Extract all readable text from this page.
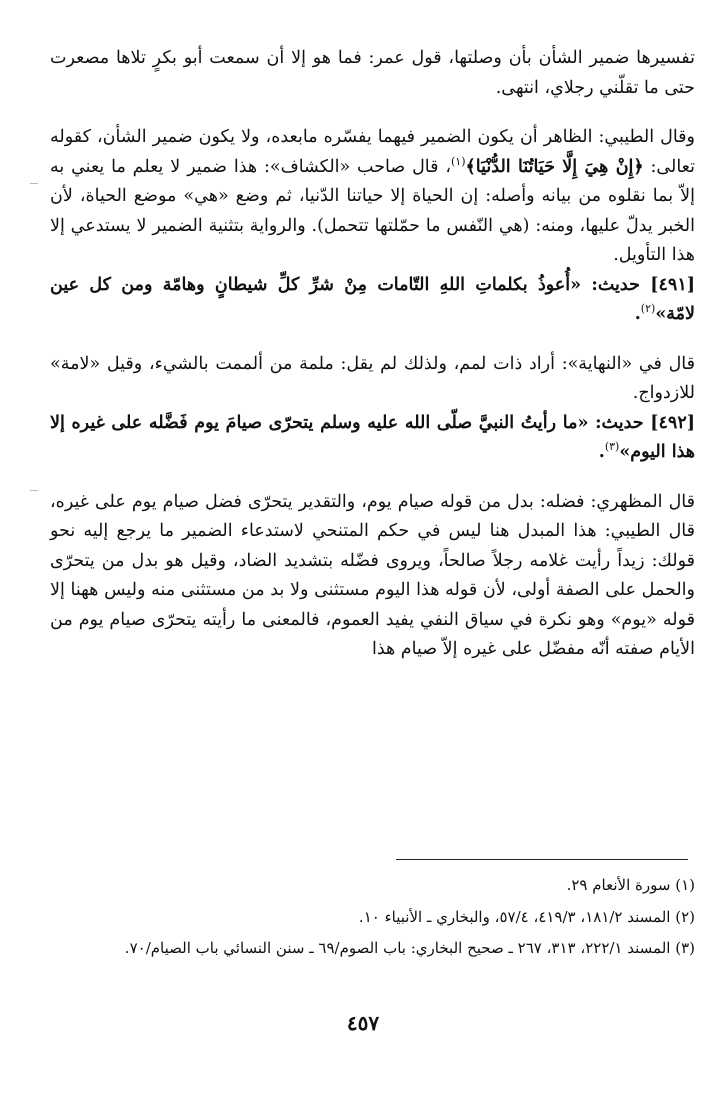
تفسيرها ضمير الشأن بأن وصلتها، قول عمر: فما هو إلا أن سمعت أبو بكرٍ تلاها مصعرت حتى ما تقلّني رجلاي، انتهى.

وقال الطيبي: الظاهر أن يكون الضمير فيهما يفسّره مابعده، ولا يكون ضمير الشأن، كقوله تعالى: ﴿إِنْ هِيَ إِلَّا حَيَاتُنَا الدُّنْيَا﴾$^{(١)}$، قال صاحب «الكشاف»: هذا ضمير لا يعلم ما يعني به إلاّ بما نقلوه من بيانه وأصله: إن الحياة إلا حياتنا الدّنيا، ثم وضع «هي» موضع الحياة، لأن الخبر يدلّ عليها، ومنه: (هي النّفس ما حمّلتها تتحمل). والرواية بتثنية الضمير لا يستدعي إلا هذا التأويل.

[٤٩١] حديث: «أُعوذُ بكلماتِ اللهِ التّامات مِنْ شرِّ كلِّ شيطانٍ وهامّة ومن كل عين لامّة»$^{(٢)}$.

قال في «النهاية»: أراد ذات لمم، ولذلك لم يقل: ملمة من ألممت بالشيء، وقيل «لامة» للازدواج.

[٤٩٢] حديث: «ما رأيتُ النبيَّ صلّى الله عليه وسلم يتحرّى صيامَ يوم فَضَّله على غيره إلا هذا اليوم»$^{(٣)}$.

قال المظهري: فضله: بدل من قوله صيام يوم، والتقدير يتحرّى فضل صيام يوم على غيره، قال الطيبي: هذا المبدل هنا ليس في حكم المتنحي لاستدعاء الضمير ما يرجع إليه نحو قولك: زيداً رأيت غلامه رجلاً صالحاً، ويروى فضّله بتشديد الضاد، وقيل هو بدل من يتحرّى والحمل على الصفة أولى، لأن قوله هذا اليوم مستثنى ولا بد من مستثنى منه وليس ههنا إلا قوله «يوم» وهو نكرة في سياق النفي يفيد العموم، فالمعنى ما رأيته يتحرّى صيام يوم من الأيام صفته أنّه مفضّل على غيره إلاّ صيام هذا

(١) سورة الأنعام ٢٩.

(٢) المسند ١٨١/٢، ٤١٩/٣، ٥٧/٤، والبخاري ـ الأنبياء ١٠.

(٣) المسند ٢٢٢/١، ٣١٣، ٢٦٧ ـ صحيح البخاري: باب الصوم/٦٩ ـ سنن النسائي باب الصيام/٧٠.

٤٥٧
